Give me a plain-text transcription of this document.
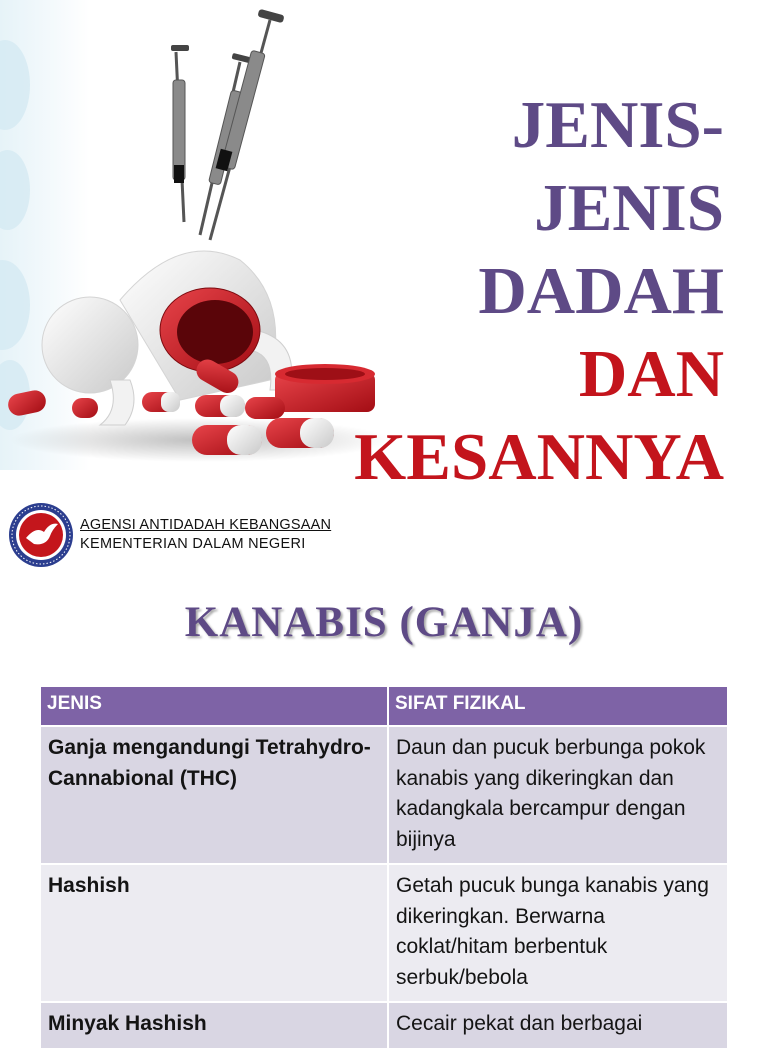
JENIS-
JENIS
DADAH
DAN
KESANNYA
AGENSI ANTIDADAH KEBANGSAAN
KEMENTERIAN DALAM NEGERI
KANABIS (GANJA)
JENIS	SIFAT FIZIKAL
Ganja mengandungi Tetrahydro-Cannabional (THC)	Daun dan pucuk berbunga pokok kanabis yang dikeringkan dan kadangkala bercampur dengan bijinya
Hashish	Getah pucuk bunga kanabis yang dikeringkan. Berwarna coklat/hitam berbentuk serbuk/bebola
Minyak Hashish	Cecair pekat dan berbagai
